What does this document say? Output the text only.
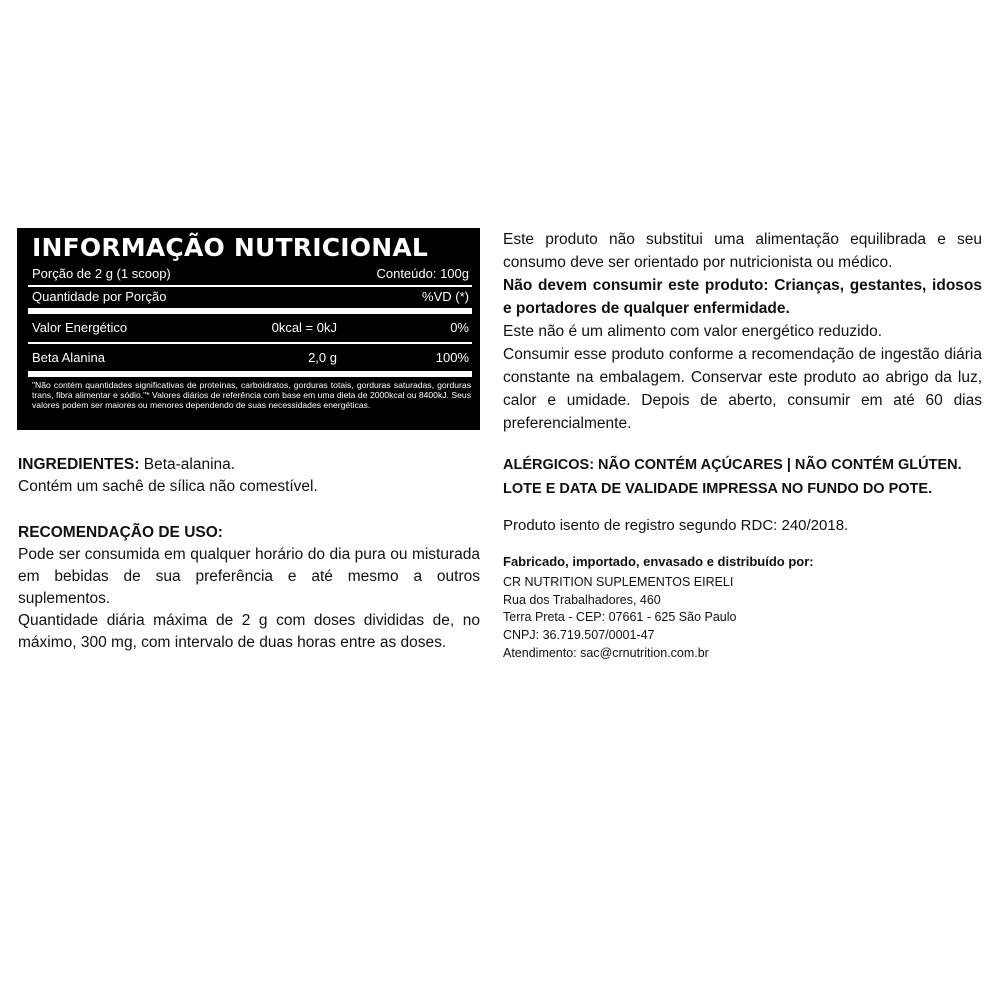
INFORMAÇÃO NUTRICIONAL
Porção de 2 g (1 scoop)	Conteúdo: 100g
Quantidade por Porção	%VD (*)
Valor Energético	0kcal = 0kJ	0%
Beta Alanina	2,0 g	100%
"Não contém quantidades significativas de proteínas, carboidratos, gorduras totais, gorduras saturadas, gorduras trans, fibra alimentar e sódio."* Valores diários de referência com base em uma dieta de 2000kcal ou 8400kJ. Seus valores podem ser maiores ou menores dependendo de suas necessidades energéticas.
INGREDIENTES: Beta-alanina.
Contém um sachê de sílica não comestível.
RECOMENDAÇÃO DE USO:
Pode ser consumida em qualquer horário do dia pura ou misturada em bebidas de sua preferência e até mesmo a outros suplementos.
Quantidade diária máxima de 2 g com doses divididas de, no máximo, 300 mg, com intervalo de duas horas entre as doses.
Este produto não substitui uma alimentação equilibrada e seu consumo deve ser orientado por nutricionista ou médico.
Não devem consumir este produto: Crianças, gestantes, idosos e portadores de qualquer enfermidade.
Este não é um alimento com valor energético reduzido.
Consumir esse produto conforme a recomendação de ingestão diária constante na embalagem. Conservar este produto ao abrigo da luz, calor e umidade. Depois de aberto, consumir em até 60 dias preferencialmente.
ALÉRGICOS: NÃO CONTÉM AÇÚCARES | NÃO CONTÉM GLÚTEN.
LOTE E DATA DE VALIDADE IMPRESSA NO FUNDO DO POTE.
Produto isento de registro segundo RDC: 240/2018.
Fabricado, importado, envasado e distribuído por:
CR NUTRITION SUPLEMENTOS EIRELI
Rua dos Trabalhadores, 460
Terra Preta - CEP: 07661 - 625 São Paulo
CNPJ: 36.719.507/0001-47
Atendimento: sac@crnutrition.com.br
